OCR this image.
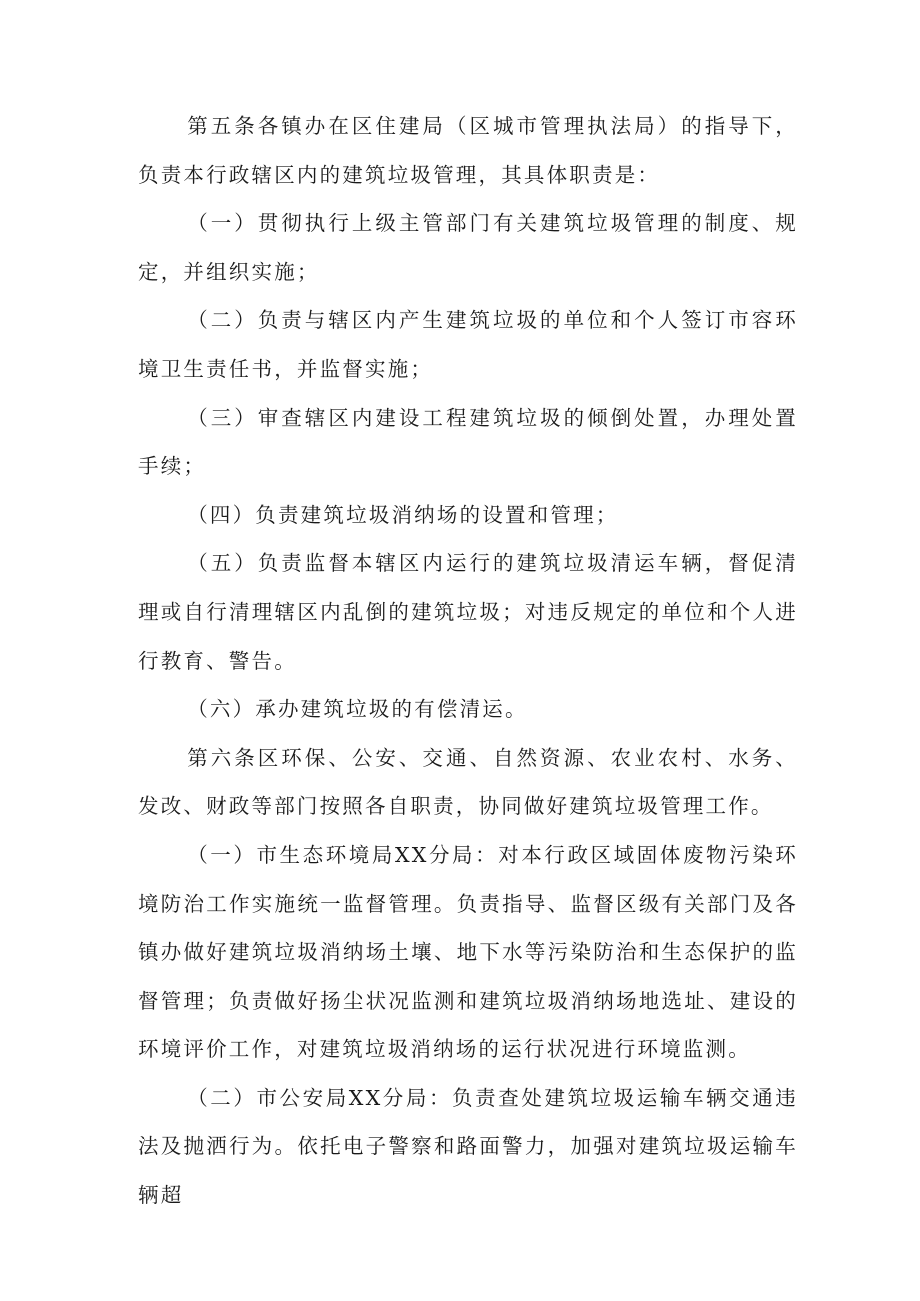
第五条各镇办在区住建局（区城市管理执法局）的指导下，负责本行政辖区内的建筑垃圾管理，其具体职责是：

（一）贯彻执行上级主管部门有关建筑垃圾管理的制度、规定，并组织实施；

（二）负责与辖区内产生建筑垃圾的单位和个人签订市容环境卫生责任书，并监督实施；

（三）审查辖区内建设工程建筑垃圾的倾倒处置，办理处置手续；

（四）负责建筑垃圾消纳场的设置和管理；

（五）负责监督本辖区内运行的建筑垃圾清运车辆，督促清理或自行清理辖区内乱倒的建筑垃圾；对违反规定的单位和个人进行教育、警告。

（六）承办建筑垃圾的有偿清运。

第六条区环保、公安、交通、自然资源、农业农村、水务、发改、财政等部门按照各自职责，协同做好建筑垃圾管理工作。

（一）市生态环境局XX分局：对本行政区域固体废物污染环境防治工作实施统一监督管理。负责指导、监督区级有关部门及各镇办做好建筑垃圾消纳场土壤、地下水等污染防治和生态保护的监督管理；负责做好扬尘状况监测和建筑垃圾消纳场地选址、建设的环境评价工作，对建筑垃圾消纳场的运行状况进行环境监测。

（二）市公安局XX分局：负责查处建筑垃圾运输车辆交通违法及抛洒行为。依托电子警察和路面警力，加强对建筑垃圾运输车辆超
